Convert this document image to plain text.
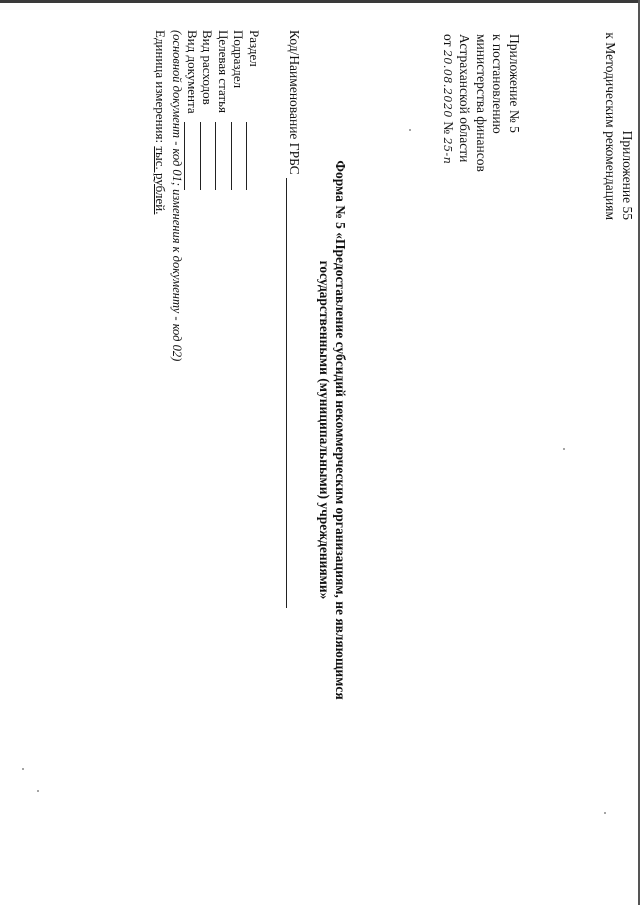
Приложение № 5
к постановлению
министерства финансов
Астраханской области
от 20.08.2020 № 25-п	Приложение 55
к Методическим рекомендациям
Форма № 5 «Предоставление субсидий некоммерческим организациям, не являющимся
государственными (муниципальными) учреждениями»
Код/Наименование ГРБС
Раздел
Подраздел
Целевая статья
Вид расходов
Вид документа
(основной документ - код 01; изменения к документу - код 02)
Единица измерения: тыс. рублей.
